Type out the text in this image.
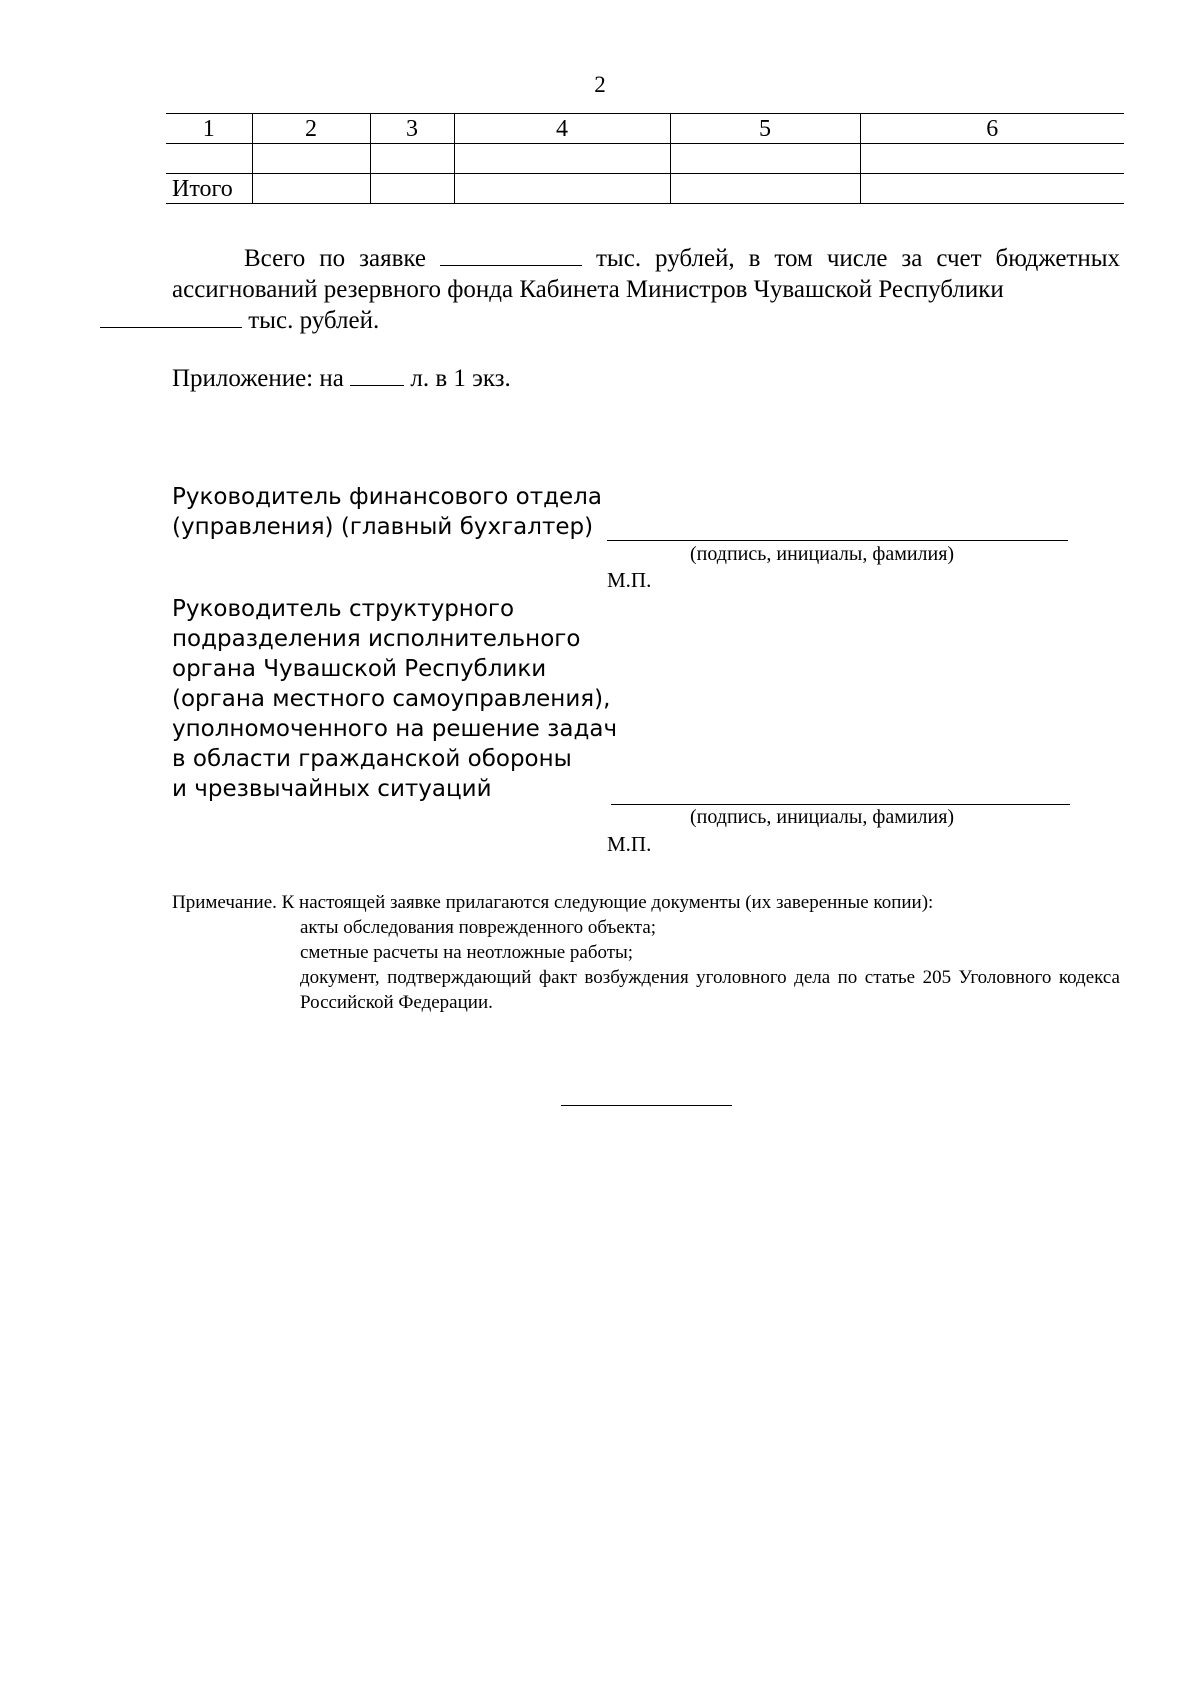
2
1	2	3	4	5	6

Итого					
Всего по заявке	тыс. рублей, в том числе за счет бюджетных ассигнований резервного фонда Кабинета Министров Чувашской Республики
тыс. рублей.
Приложение: на	л. в 1 экз.
Руководитель финансового отдела
(управления) (главный бухгалтер)
(подпись, инициалы, фамилия)
М.П.
Руководитель структурного
подразделения исполнительного
органа Чувашской Республики
(органа местного самоуправления),
уполномоченного на решение задач
в области гражданской обороны
и чрезвычайных ситуаций
(подпись, инициалы, фамилия)
М.П.
Примечание. К настоящей заявке прилагаются следующие документы (их заверенные копии):
акты обследования поврежденного объекта;
сметные расчеты на неотложные работы;
документ, подтверждающий факт возбуждения уголовного дела по статье 205 Уголовного кодекса Российской Федерации.
